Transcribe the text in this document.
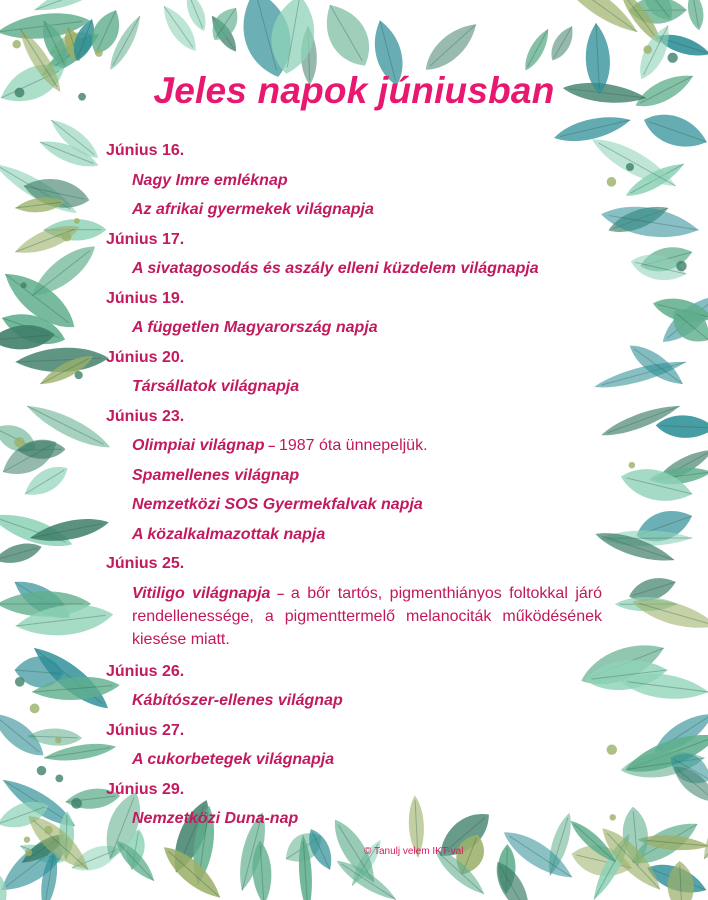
Jeles napok júniusban
Június 16.
Nagy Imre emléknap
Az afrikai gyermekek világnapja
Június 17.
A sivatagosodás és aszály elleni küzdelem világnapja
Június 19.
A független Magyarország napja
Június 20.
Társállatok világnapja
Június 23.
Olimpiai világnap – 1987 óta ünnepeljük.
Spamellenes világnap
Nemzetközi SOS Gyermekfalvak napja
A közalkalmazottak napja
Június 25.
Vitiligo világnapja – a bőr tartós, pigmenthiányos foltokkal járó rendellenessége, a pigmenttermelő melanociták működésének kiesése miatt.
Június 26.
Kábítószer-ellenes világnap
Június 27.
A cukorbetegek világnapja
Június 29.
Nemzetközi Duna-nap
© Tanulj velem IKT-val
